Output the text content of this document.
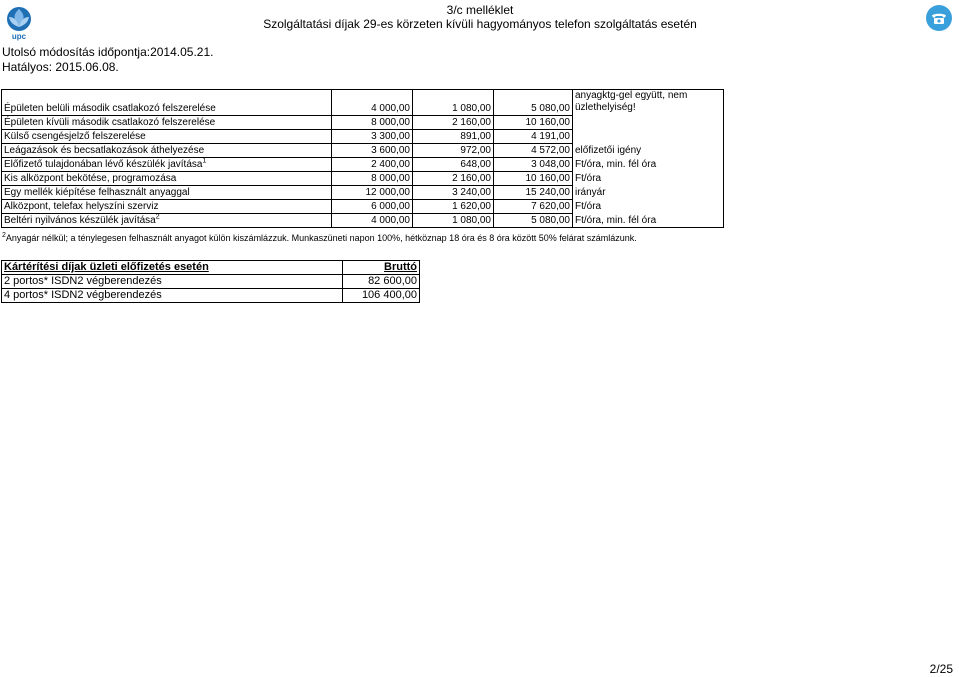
upc
3/c melléklet
Szolgáltatási díjak 29-es körzeten kívüli hagyományos telefon szolgáltatás esetén
Utolsó módosítás időpontja:2014.05.21.
Hatályos: 2015.06.08.
Épületen belüli második csatlakozó felszerelése	4 000,00	1 080,00	5 080,00	anyagktg-gel együtt, nem üzlethelyiség!

Épületen kívüli második csatlakozó felszerelése	8 000,00	2 160,00	10 160,00	
Külső csengésjelző felszerelése	3 300,00	891,00	4 191,00	
Leágazások és becsatlakozások áthelyezése	3 600,00	972,00	4 572,00	előfizetői igény
Előfizető tulajdonában lévő készülék javítása$^1$	2 400,00	648,00	3 048,00	Ft/óra, min. fél óra
Kis alközpont bekötése, programozása	8 000,00	2 160,00	10 160,00	Ft/óra
Egy mellék kiépítése felhasznált anyaggal	12 000,00	3 240,00	15 240,00	irányár
Alközpont, telefax helyszíni szerviz	6 000,00	1 620,00	7 620,00	Ft/óra
Beltéri nyilvános készülék javítása$^2$	4 000,00	1 080,00	5 080,00	Ft/óra, min. fél óra
$^2$Anyagár nélkül; a ténylegesen felhasznált anyagot külön kiszámlázzuk. Munkaszüneti napon 100%, hétköznap 18 óra és 8 óra között 50% felárat számlázunk.
Kártérítési díjak üzleti előfizetés esetén	Bruttó
2 portos* ISDN2 végberendezés	82 600,00
4 portos* ISDN2 végberendezés	106 400,00
2/25
